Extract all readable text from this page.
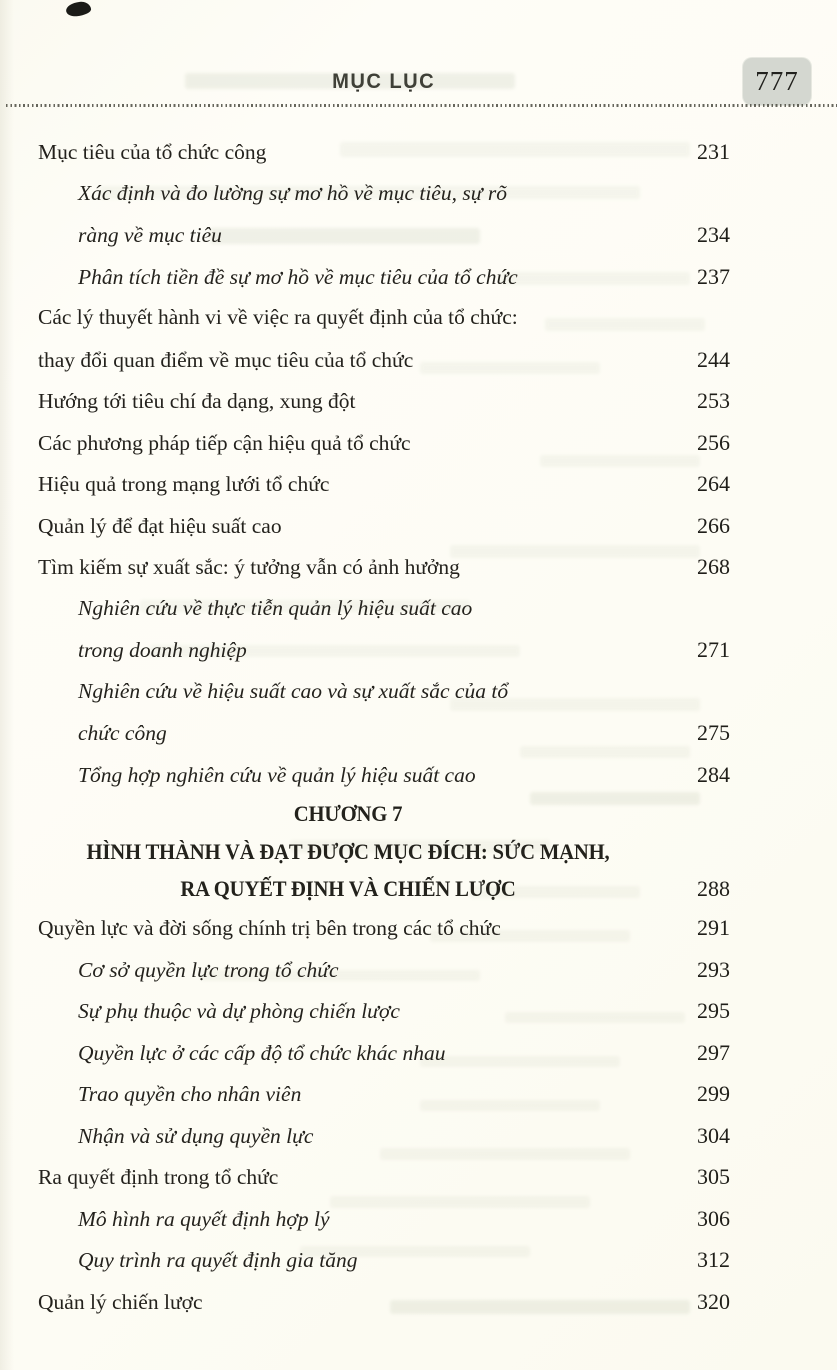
MỤC LỤC	777
Mục tiêu của tổ chức công	231
Xác định và đo lường sự mơ hồ về mục tiêu, sự rõ
ràng về mục tiêu	234
Phân tích tiền đề sự mơ hồ về mục tiêu của tổ chức	237
Các lý thuyết hành vi về việc ra quyết định của tổ chức:
thay đổi quan điểm về mục tiêu của tổ chức	244
Hướng tới tiêu chí đa dạng, xung đột	253
Các phương pháp tiếp cận hiệu quả tổ chức	256
Hiệu quả trong mạng lưới tổ chức	264
Quản lý để đạt hiệu suất cao	266
Tìm kiếm sự xuất sắc: ý tưởng vẫn có ảnh hưởng	268
Nghiên cứu về thực tiễn quản lý hiệu suất cao
trong doanh nghiệp	271
Nghiên cứu về hiệu suất cao và sự xuất sắc của tổ
chức công	275
Tổng hợp nghiên cứu về quản lý hiệu suất cao	284
CHƯƠNG 7
HÌNH THÀNH VÀ ĐẠT ĐƯỢC MỤC ĐÍCH: SỨC MẠNH,
RA QUYẾT ĐỊNH VÀ CHIẾN LƯỢC	288
Quyền lực và đời sống chính trị bên trong các tổ chức	291
Cơ sở quyền lực trong tổ chức	293
Sự phụ thuộc và dự phòng chiến lược	295
Quyền lực ở các cấp độ tổ chức khác nhau	297
Trao quyền cho nhân viên	299
Nhận và sử dụng quyền lực	304
Ra quyết định trong tổ chức	305
Mô hình ra quyết định hợp lý	306
Quy trình ra quyết định gia tăng	312
Quản lý chiến lược	320
